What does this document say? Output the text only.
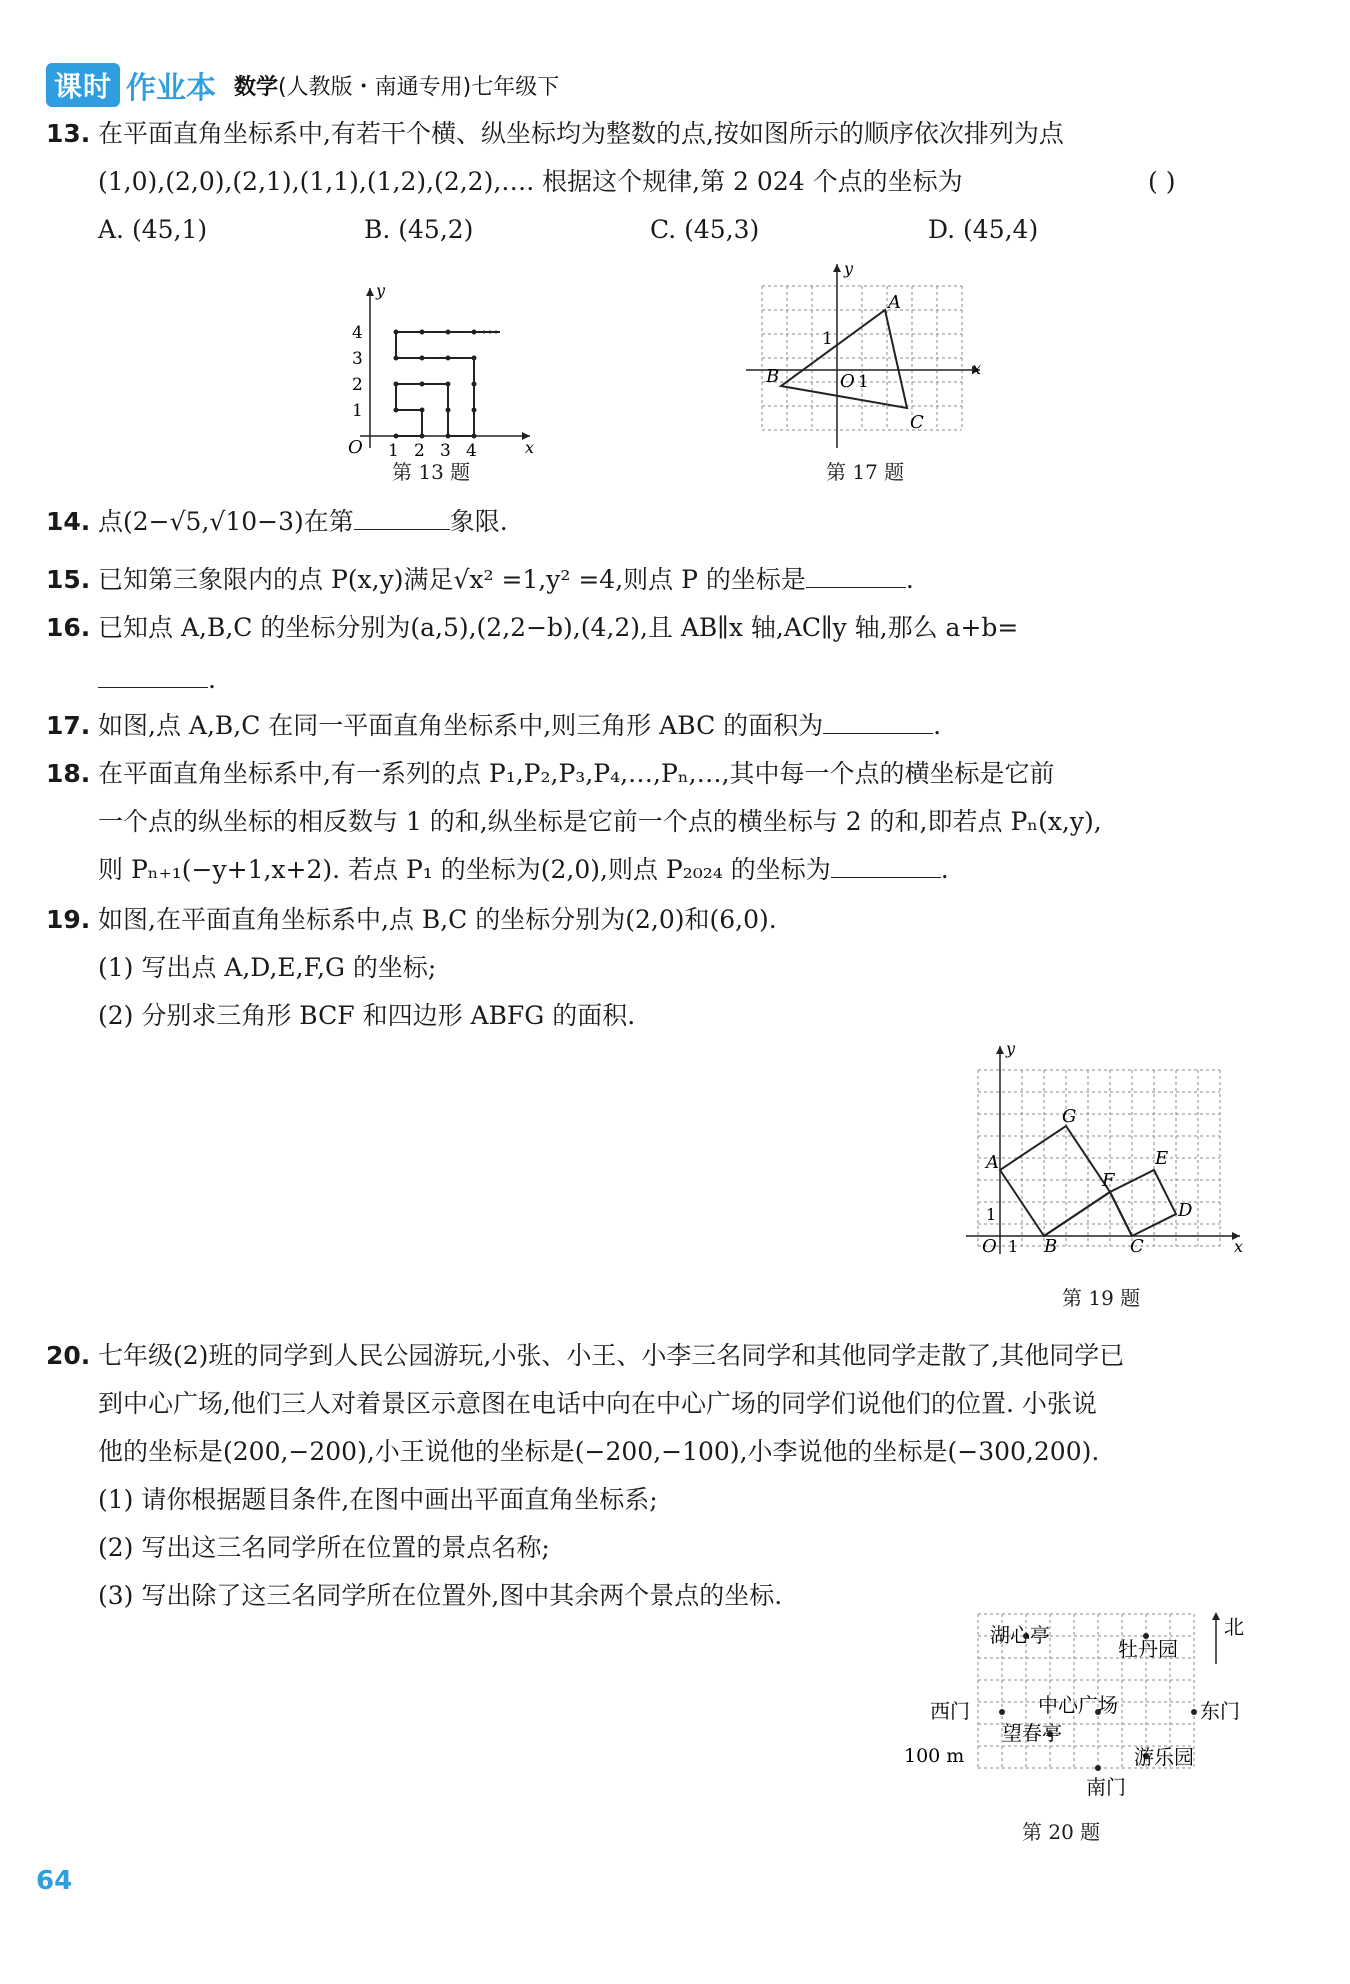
课时 作业本 数学(人教版・南通专用)七年级下
13. 在平面直角坐标系中,有若干个横、纵坐标均为整数的点,按如图所示的顺序依次排列为点
(1,0),(2,0),(2,1),(1,1),(1,2),(2,2),…. 根据这个规律,第 2 024 个点的坐标为
A. (45,1)	B. (45,2)	C. (45,3)	D. (45,4)
( )
x
y
O 1 2 3 4
1
2
3
4
第 13 题
A
B
C
O 1
1
x
y
第 17 题
14. 点(2−√5,√10−3)在第	象限.
15. 已知第三象限内的点 P(x,y)满足√x² =1,y² =4,则点 P 的坐标是	.
16. 已知点 A,B,C 的坐标分别为(a,5),(2,2−b),(4,2),且 AB∥x 轴,AC∥y 轴,那么 a+b=
.
17. 如图,点 A,B,C 在同一平面直角坐标系中,则三角形 ABC 的面积为	.
18. 在平面直角坐标系中,有一系列的点 P₁,P₂,P₃,P₄,…,Pₙ,…,其中每一个点的横坐标是它前
一个点的纵坐标的相反数与 1 的和,纵坐标是它前一个点的横坐标与 2 的和,即若点 Pₙ(x,y),
则 Pₙ₊₁(−y+1,x+2). 若点 P₁ 的坐标为(2,0),则点 P₂₀₂₄ 的坐标为	.
19. 如图,在平面直角坐标系中,点 B,C 的坐标分别为(2,0)和(6,0).
(1) 写出点 A,D,E,F,G 的坐标;
(2) 分别求三角形 BCF 和四边形 ABFG 的面积.
A
B	C
D
E
F
G
O 1
1
x
y
第 19 题
20. 七年级(2)班的同学到人民公园游玩,小张、小王、小李三名同学和其他同学走散了,其他同学已
到中心广场,他们三人对着景区示意图在电话中向在中心广场的同学们说他们的位置. 小张说
他的坐标是(200,−200),小王说他的坐标是(−200,−100),小李说他的坐标是(−300,200).
(1) 请你根据题目条件,在图中画出平面直角坐标系;
(2) 写出这三名同学所在位置的景点名称;
(3) 写出除了这三名同学所在位置外,图中其余两个景点的坐标.
北
湖心亭
牡丹园
西门	中心广场	东门
望春亭
游乐园
南门
100 m
第 20 题
64
